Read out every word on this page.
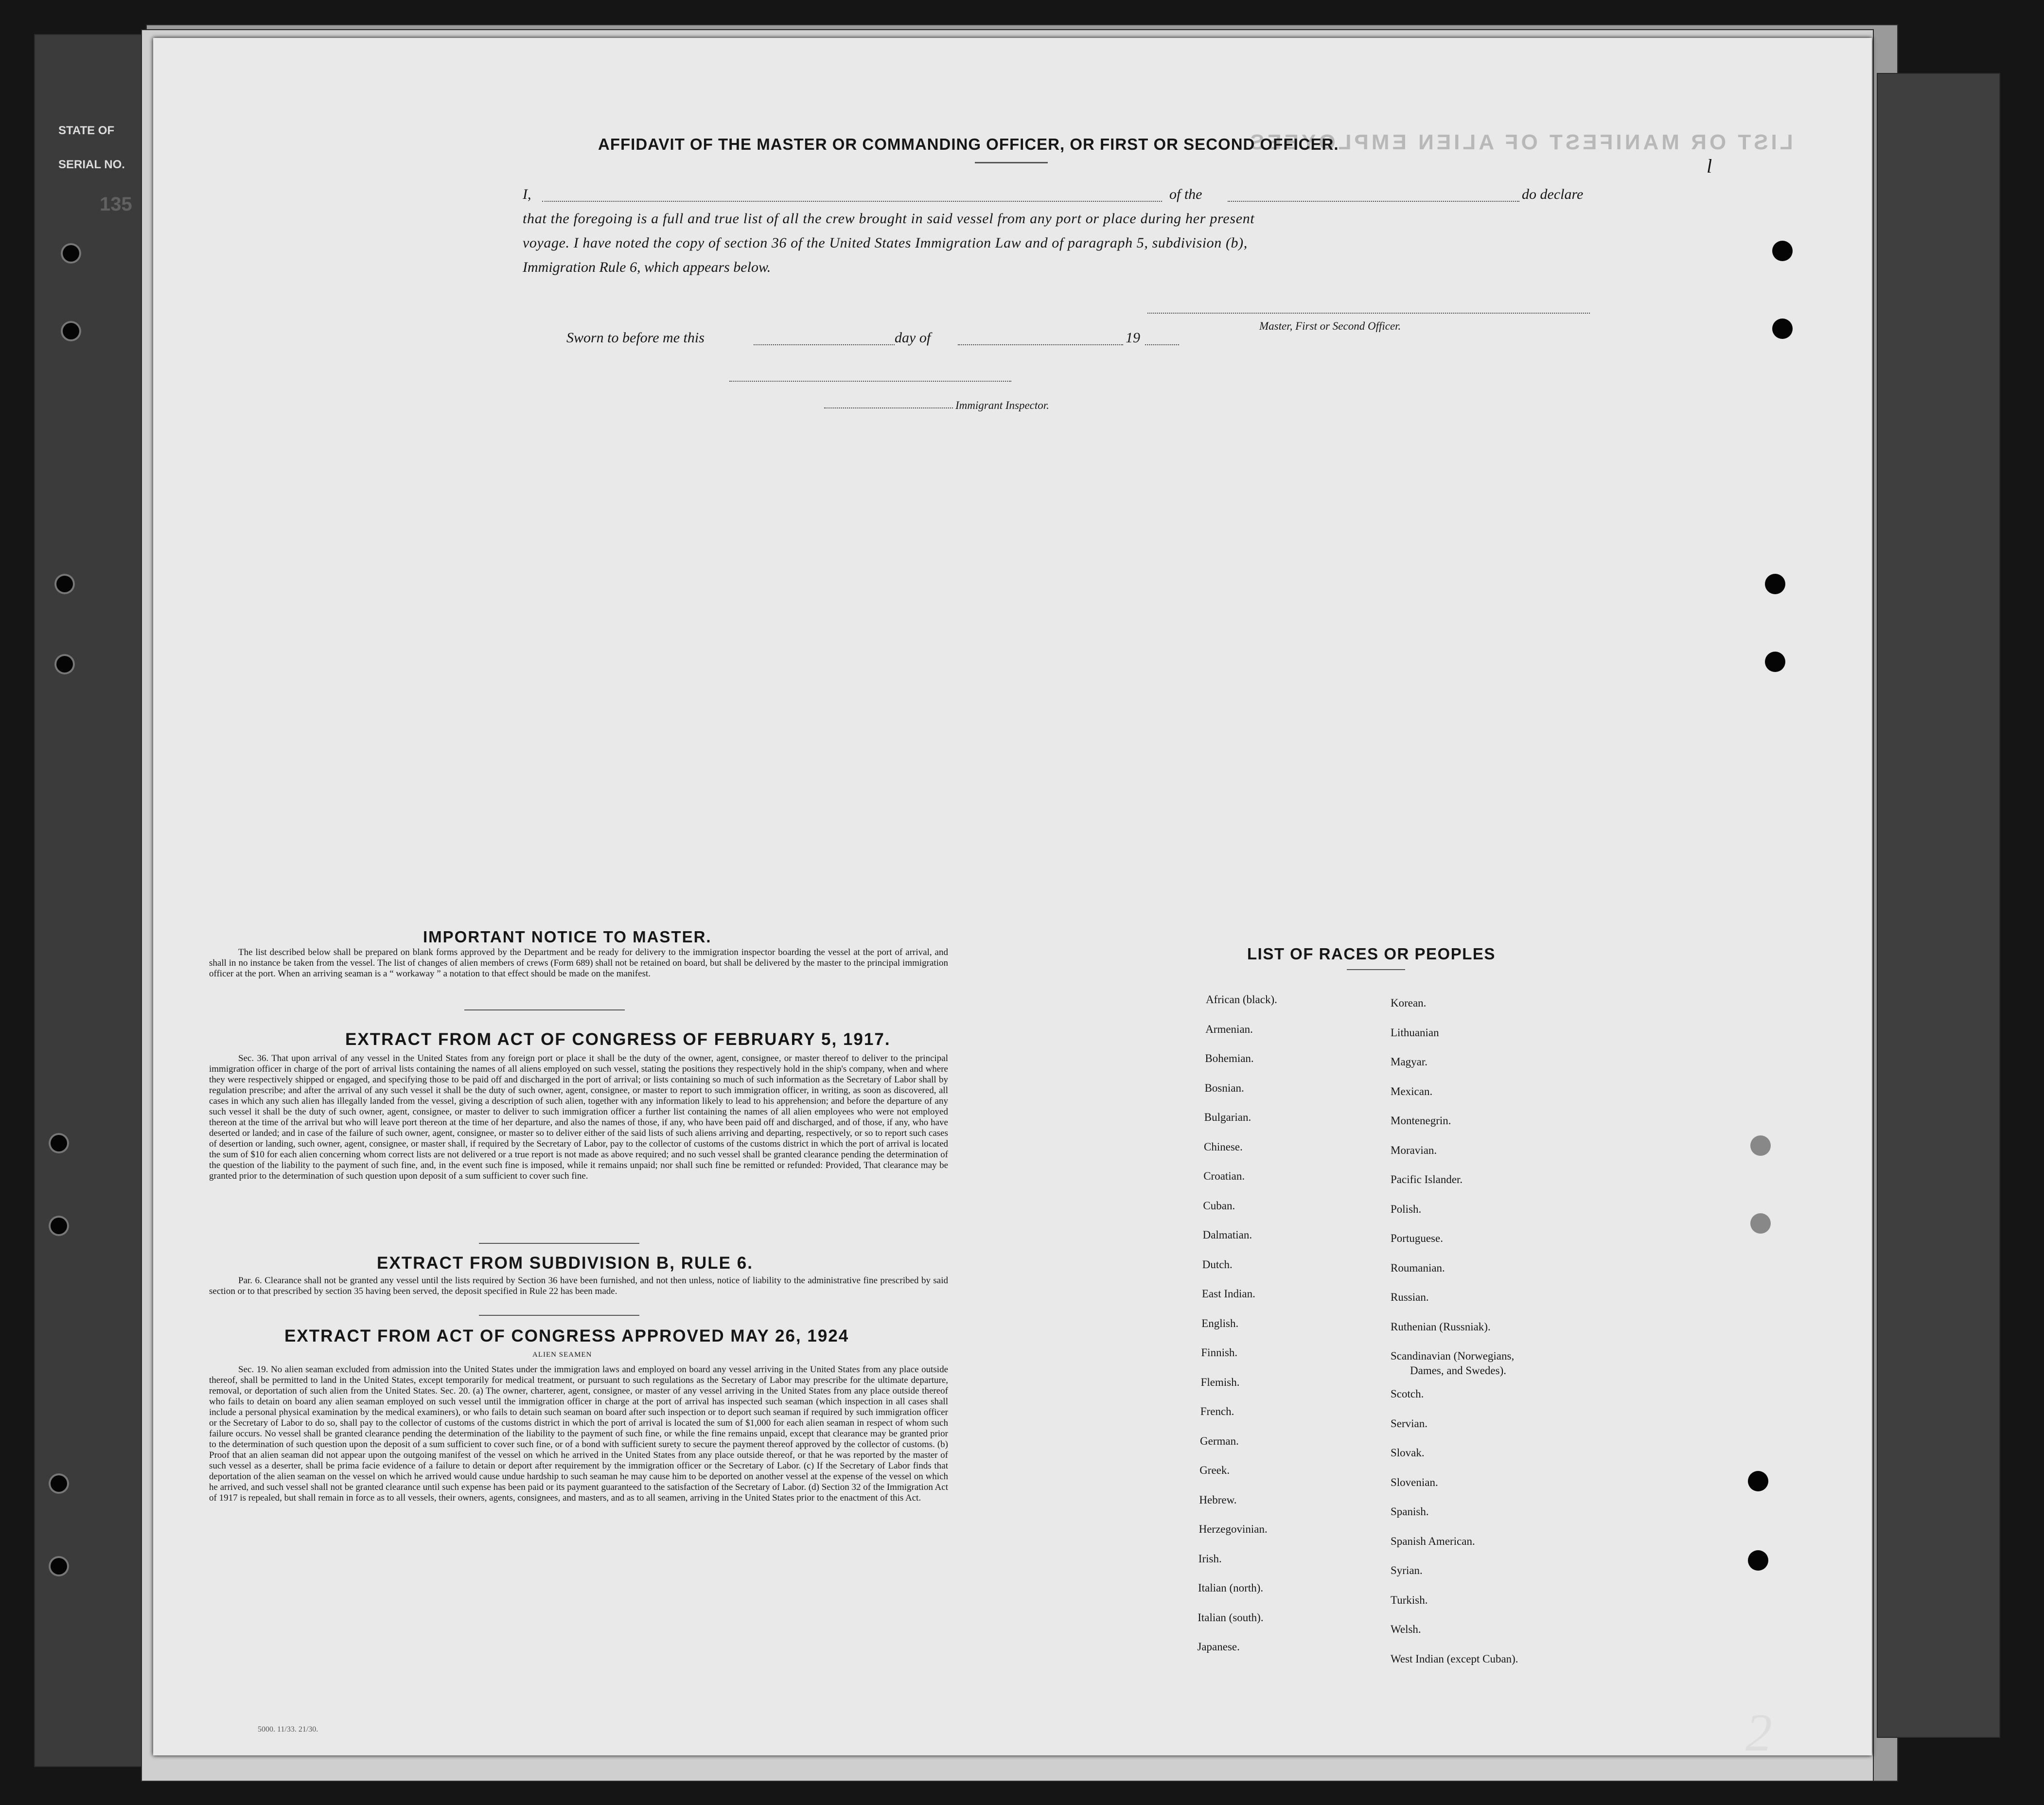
STATE OF
SERIAL NO.
LIST OR MANIFEST OF ALIEN EMPLOYEES
135
AFFIDAVIT OF THE MASTER OR COMMANDING OFFICER, OR FIRST OR SECOND OFFICER.
I,	of the	do declare
that the foregoing is a full and true list of all the crew brought in said vessel from any port or place during her present
voyage. I have noted the copy of section 36 of the United States Immigration Law and of paragraph 5, subdivision (b),
Immigration Rule 6, which appears below.
Master, First or Second Officer.
Sworn to before me this	day of	19
Immigrant Inspector.
IMPORTANT NOTICE TO MASTER.
The list described below shall be prepared on blank forms approved by the Department and be ready for delivery to the immigration inspector boarding the vessel at the port of arrival, and shall in no instance be taken from the vessel. The list of changes of alien members of crews (Form 689) shall not be retained on board, but shall be delivered by the master to the principal immigration officer at the port. When an arriving seaman is a “ workaway ” a notation to that effect should be made on the manifest.
EXTRACT FROM ACT OF CONGRESS OF FEBRUARY 5, 1917.
Sec. 36. That upon arrival of any vessel in the United States from any foreign port or place it shall be the duty of the owner, agent, consignee, or master thereof to deliver to the principal immigration officer in charge of the port of arrival lists containing the names of all aliens employed on such vessel, stating the positions they respectively hold in the ship's company, when and where they were respectively shipped or engaged, and specifying those to be paid off and discharged in the port of arrival; or lists containing so much of such information as the Secretary of Labor shall by regulation prescribe; and after the arrival of any such vessel it shall be the duty of such owner, agent, consignee, or master to report to such immigration officer, in writing, as soon as discovered, all cases in which any such alien has illegally landed from the vessel, giving a description of such alien, together with any information likely to lead to his apprehension; and before the departure of any such vessel it shall be the duty of such owner, agent, consignee, or master to deliver to such immigration officer a further list containing the names of all alien employees who were not employed thereon at the time of the arrival but who will leave port thereon at the time of her departure, and also the names of those, if any, who have been paid off and discharged, and of those, if any, who have deserted or landed; and in case of the failure of such owner, agent, consignee, or master so to deliver either of the said lists of such aliens arriving and departing, respectively, or so to report such cases of desertion or landing, such owner, agent, consignee, or master shall, if required by the Secretary of Labor, pay to the collector of customs of the customs district in which the port of arrival is located the sum of $10 for each alien concerning whom correct lists are not delivered or a true report is not made as above required; and no such vessel shall be granted clearance pending the determination of the question of the liability to the payment of such fine, and, in the event such fine is imposed, while it remains unpaid; nor shall such fine be remitted or refunded: Provided, That clearance may be granted prior to the determination of such question upon deposit of a sum sufficient to cover such fine.
EXTRACT FROM SUBDIVISION B, RULE 6.
Par. 6. Clearance shall not be granted any vessel until the lists required by Section 36 have been furnished, and not then unless, notice of liability to the administrative fine prescribed by said section or to that prescribed by section 35 having been served, the deposit specified in Rule 22 has been made.
EXTRACT FROM ACT OF CONGRESS APPROVED MAY 26, 1924
ALIEN SEAMEN
Sec. 19. No alien seaman excluded from admission into the United States under the immigration laws and employed on board any vessel arriving in the United States from any place outside thereof, shall be permitted to land in the United States, except temporarily for medical treatment, or pursuant to such regulations as the Secretary of Labor may prescribe for the ultimate departure, removal, or deportation of such alien from the United States. Sec. 20. (a) The owner, charterer, agent, consignee, or master of any vessel arriving in the United States from any place outside thereof who fails to detain on board any alien seaman employed on such vessel until the immigration officer in charge at the port of arrival has inspected such seaman (which inspection in all cases shall include a personal physical examination by the medical examiners), or who fails to detain such seaman on board after such inspection or to deport such seaman if required by such immigration officer or the Secretary of Labor to do so, shall pay to the collector of customs of the customs district in which the port of arrival is located the sum of $1,000 for each alien seaman in respect of whom such failure occurs. No vessel shall be granted clearance pending the determination of the liability to the payment of such fine, or while the fine remains unpaid, except that clearance may be granted prior to the determination of such question upon the deposit of a sum sufficient to cover such fine, or of a bond with sufficient surety to secure the payment thereof approved by the collector of customs. (b) Proof that an alien seaman did not appear upon the outgoing manifest of the vessel on which he arrived in the United States from any place outside thereof, or that he was reported by the master of such vessel as a deserter, shall be prima facie evidence of a failure to detain or deport after requirement by the immigration officer or the Secretary of Labor. (c) If the Secretary of Labor finds that deportation of the alien seaman on the vessel on which he arrived would cause undue hardship to such seaman he may cause him to be deported on another vessel at the expense of the vessel on which he arrived, and such vessel shall not be granted clearance until such expense has been paid or its payment guaranteed to the satisfaction of the Secretary of Labor. (d) Section 32 of the Immigration Act of 1917 is repealed, but shall remain in force as to all vessels, their owners, agents, consignees, and masters, and as to all seamen, arriving in the United States prior to the enactment of this Act.
LIST OF RACES OR PEOPLES
African (black).
Armenian.
Bohemian.
Bosnian.
Bulgarian.
Chinese.
Croatian.
Cuban.
Dalmatian.
Dutch.
East Indian.
English.
Finnish.
Flemish.
French.
German.
Greek.
Hebrew.
Herzegovinian.
Irish.
Italian (north).
Italian (south).
Japanese.
Korean.
Lithuanian
Magyar.
Mexican.
Montenegrin.
Moravian.
Pacific Islander.
Polish.
Portuguese.
Roumanian.
Russian.
Ruthenian (Russniak).
Scandinavian (Norwegians,
Dames, and Swedes).
Scotch.
Servian.
Slovak.
Slovenian.
Spanish.
Spanish American.
Syrian.
Turkish.
Welsh.
West Indian (except Cuban).
5000. 11/33. 21/30.
l
2
